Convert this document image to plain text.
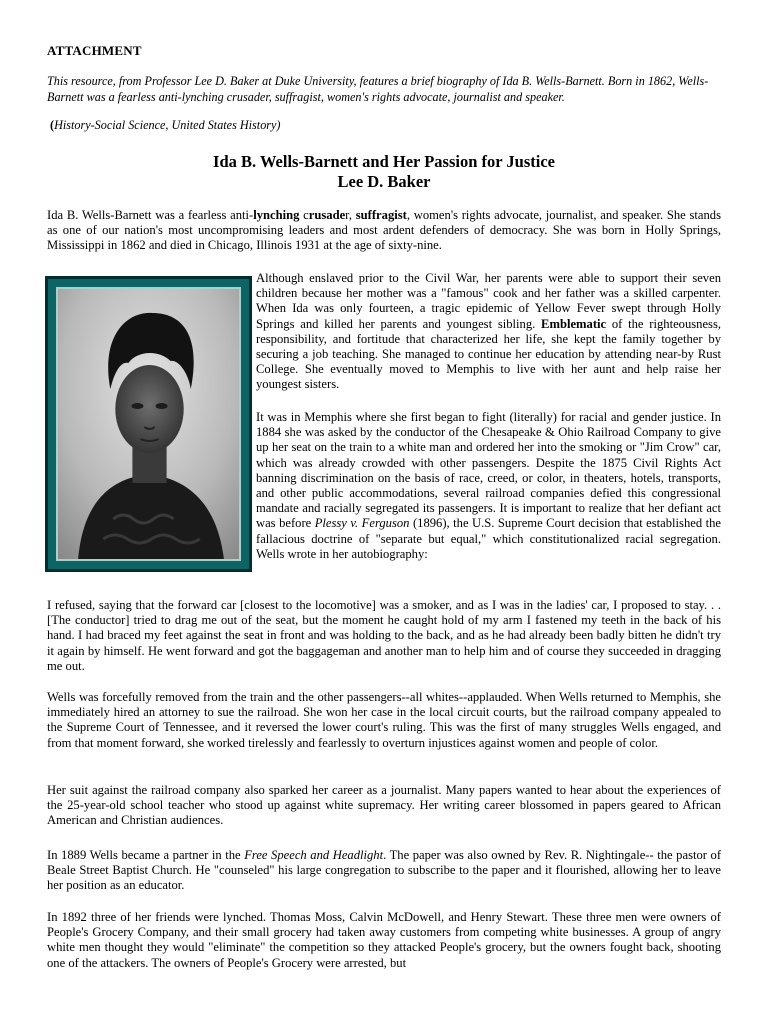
ATTACHMENT
This resource, from Professor Lee D. Baker at Duke University, features a brief biography of Ida B. Wells-Barnett. Born in 1862, Wells-Barnett was a fearless anti-lynching crusader, suffragist, women's rights advocate, journalist and speaker.
(History-Social Science, United States History)
Ida B. Wells-Barnett and Her Passion for Justice
Lee D. Baker

Ida B. Wells-Barnett was a fearless anti-lynching crusader, suffragist, women's rights advocate, journalist, and speaker. She stands as one of our nation's most uncompromising leaders and most ardent defenders of democracy. She was born in Holly Springs, Mississippi in 1862 and died in Chicago, Illinois 1931 at the age of sixty-nine.

Although enslaved prior to the Civil War, her parents were able to support their seven children because her mother was a "famous" cook and her father was a skilled carpenter. When Ida was only fourteen, a tragic epidemic of Yellow Fever swept through Holly Springs and killed her parents and youngest sibling. Emblematic of the righteousness, responsibility, and fortitude that characterized her life, she kept the family together by securing a job teaching. She managed to continue her education by attending near-by Rust College. She eventually moved to Memphis to live with her aunt and help raise her youngest sisters.

It was in Memphis where she first began to fight (literally) for racial and gender justice. In 1884 she was asked by the conductor of the Chesapeake & Ohio Railroad Company to give up her seat on the train to a white man and ordered her into the smoking or "Jim Crow" car, which was already crowded with other passengers. Despite the 1875 Civil Rights Act banning discrimination on the basis of race, creed, or color, in theaters, hotels, transports, and other public accommodations, several railroad companies defied this congressional mandate and racially segregated its passengers. It is important to realize that her defiant act was before Plessy v. Ferguson (1896), the U.S. Supreme Court decision that established the fallacious doctrine of "separate but equal," which constitutionalized racial segregation. Wells wrote in her autobiography:

I refused, saying that the forward car [closest to the locomotive] was a smoker, and as I was in the ladies' car, I proposed to stay. . . [The conductor] tried to drag me out of the seat, but the moment he caught hold of my arm I fastened my teeth in the back of his hand. I had braced my feet against the seat in front and was holding to the back, and as he had already been badly bitten he didn't try it again by himself. He went forward and got the baggageman and another man to help him and of course they succeeded in dragging me out.

Wells was forcefully removed from the train and the other passengers--all whites--applauded. When Wells returned to Memphis, she immediately hired an attorney to sue the railroad. She won her case in the local circuit courts, but the railroad company appealed to the Supreme Court of Tennessee, and it reversed the lower court's ruling. This was the first of many struggles Wells engaged, and from that moment forward, she worked tirelessly and fearlessly to overturn injustices against women and people of color.

Her suit against the railroad company also sparked her career as a journalist. Many papers wanted to hear about the experiences of the 25-year-old school teacher who stood up against white supremacy. Her writing career blossomed in papers geared to African American and Christian audiences.

In 1889 Wells became a partner in the Free Speech and Headlight. The paper was also owned by Rev. R. Nightingale-- the pastor of Beale Street Baptist Church. He "counseled" his large congregation to subscribe to the paper and it flourished, allowing her to leave her position as an educator.

In 1892 three of her friends were lynched. Thomas Moss, Calvin McDowell, and Henry Stewart. These three men were owners of People's Grocery Company, and their small grocery had taken away customers from competing white businesses. A group of angry white men thought they would "eliminate" the competition so they attacked People's grocery, but the owners fought back, shooting one of the attackers. The owners of People's Grocery were arrested, but
